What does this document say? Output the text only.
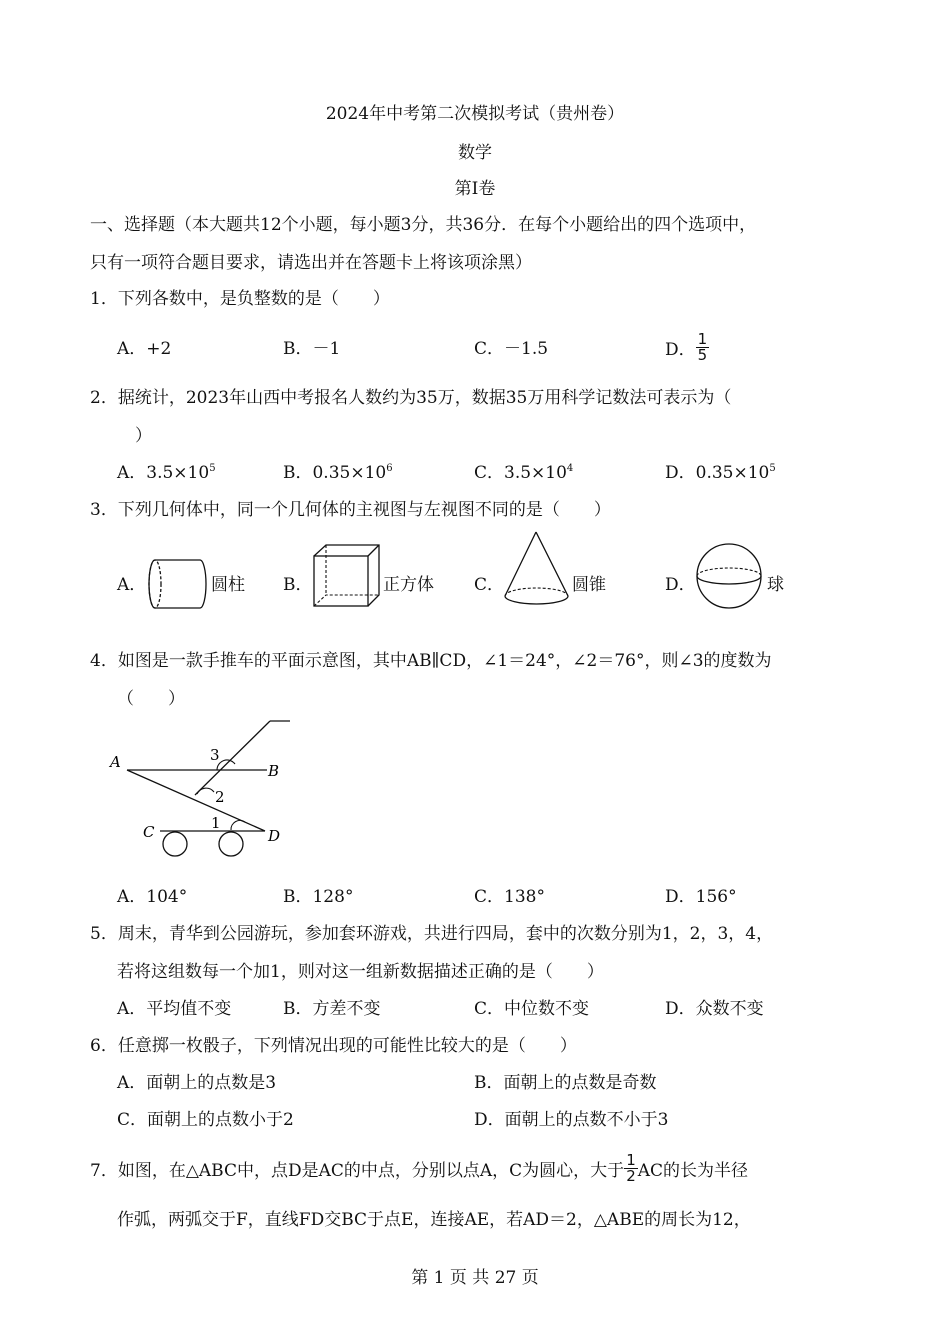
2024年中考第二次模拟考试（贵州卷）
数学
第Ⅰ卷
一、选择题（本大题共12个小题，每小题3分，共36分．在每个小题给出的四个选项中，
只有一项符合题目要求，请选出并在答题卡上将该项涂黑）
1．下列各数中，是负整数的是（　　）
A．+2	B．－1	C．－1.5	D． $\frac{1}{5}$
2．据统计，2023年山西中考报名人数约为35万，数据35万用科学记数法可表示为（
）
A．$3.5\times 10^5$	B．$0.35\times 10^6$	C．$3.5\times 10^4$	D．$0.35\times 10^5$
3．下列几何体中，同一个几何体的主视图与左视图不同的是（　　）
A．	圆柱 B．	正方体 C．	圆锥	D．	球
4．如图是一款手推车的平面示意图，其中AB∥CD，∠1＝24°，∠2＝76°，则∠3的度数为
（　　）
A	B
C	D
3
2
1
A．104°	B．128°	C．138°	D．156°
5．周末，青华到公园游玩，参加套环游戏，共进行四局，套中的次数分别为1，2，3，4，
若将这组数每一个加1，则对这一组新数据描述正确的是（　　）
A．平均值不变	B．方差不变	C．中位数不变	D．众数不变
6．任意掷一枚骰子，下列情况出现的可能性比较大的是（　　）
A．面朝上的点数是3	B．面朝上的点数是奇数
C．面朝上的点数小于2	D．面朝上的点数不小于3
7．如图，在△ABC中，点D是AC的中点，分别以点A，C为圆心，大于 $\frac{1}{2}$ AC的长为半径
作弧，两弧交于F，直线FD交BC于点E，连接AE，若AD＝2，△ABE的周长为12，
第 1 页 共 27 页
